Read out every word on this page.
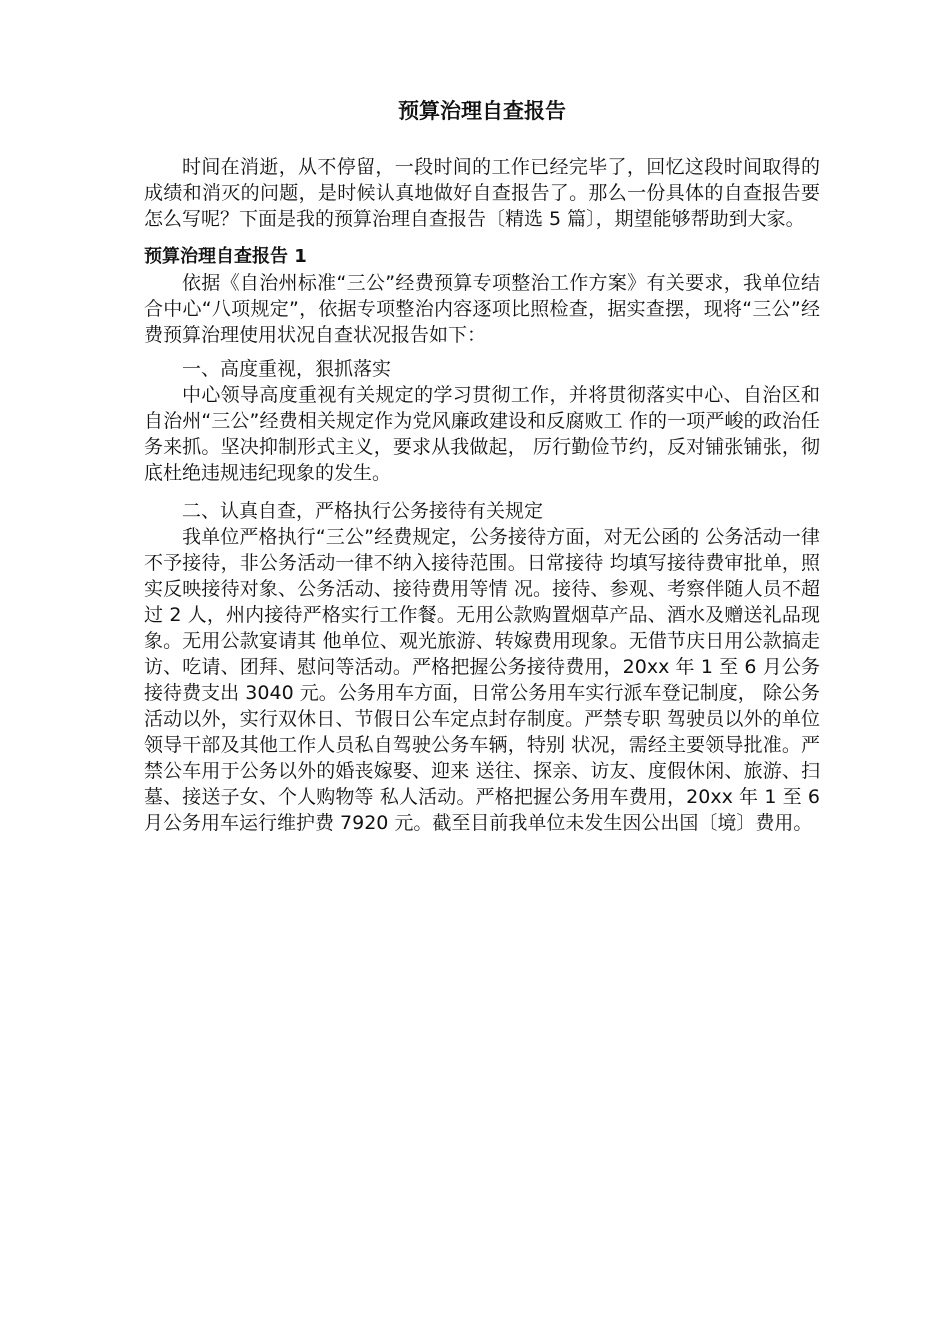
预算治理自查报告

时间在消逝，从不停留，一段时间的工作已经完毕了，回忆这段时间取得的成绩和消灭的问题，是时候认真地做好自查报告了。那么一份具体的自查报告要怎么写呢？下面是我的预算治理自查报告〔精选 5 篇〕，期望能够帮助到大家。

预算治理自查报告 1

依据《自治州标准“三公”经费预算专项整治工作方案》有关要求，我单位结合中心“八项规定”，依据专项整治内容逐项比照检查，据实查摆，现将“三公”经费预算治理使用状况自查状况报告如下：

一、高度重视，狠抓落实

中心领导高度重视有关规定的学习贯彻工作，并将贯彻落实中心、自治区和自治州“三公”经费相关规定作为党风廉政建设和反腐败工 作的一项严峻的政治任务来抓。坚决抑制形式主义，要求从我做起， 厉行勤俭节约，反对铺张铺张，彻底杜绝违规违纪现象的发生。

二、认真自查，严格执行公务接待有关规定

我单位严格执行“三公”经费规定，公务接待方面，对无公函的 公务活动一律不予接待，非公务活动一律不纳入接待范围。日常接待 均填写接待费审批单，照实反映接待对象、公务活动、接待费用等情 况。接待、参观、考察伴随人员不超过 2 人，州内接待严格实行工作餐。无用公款购置烟草产品、酒水及赠送礼品现象。无用公款宴请其 他单位、观光旅游、转嫁费用现象。无借节庆日用公款搞走访、吃请、团拜、慰问等活动。严格把握公务接待费用，20xx 年 1 至 6 月公务接待费支出 3040 元。公务用车方面，日常公务用车实行派车登记制度， 除公务活动以外，实行双休日、节假日公车定点封存制度。严禁专职 驾驶员以外的单位领导干部及其他工作人员私自驾驶公务车辆，特别 状况，需经主要领导批准。严禁公车用于公务以外的婚丧嫁娶、迎来 送往、探亲、访友、度假休闲、旅游、扫墓、接送子女、个人购物等 私人活动。严格把握公务用车费用，20xx 年 1 至 6 月公务用车运行维护费 7920 元。截至目前我单位未发生因公出国〔境〕费用。
